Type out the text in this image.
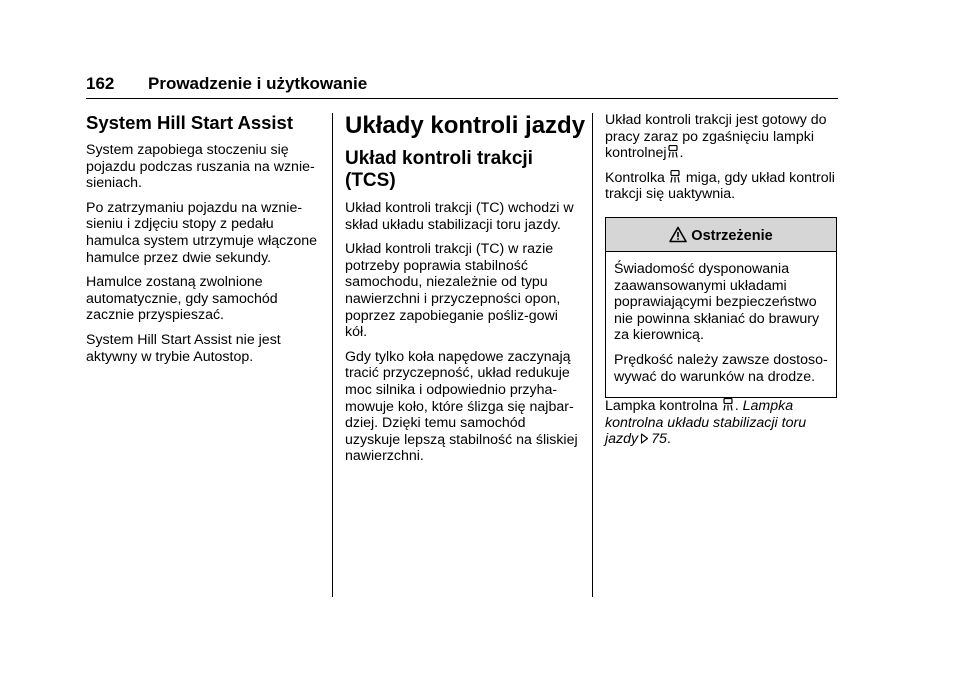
162 Prowadzenie i użytkowanie
System Hill Start Assist

System zapobiega stoczeniu się pojazdu podczas ruszania na wznie-sieniach.

Po zatrzymaniu pojazdu na wznie-sieniu i zdjęciu stopy z pedału hamulca system utrzymuje włączone hamulce przez dwie sekundy.

Hamulce zostaną zwolnione automatycznie, gdy samochód zacznie przyspieszać.

System Hill Start Assist nie jest aktywny w trybie Autostop.

Układy kontroli jazdy
Układ kontroli trakcji (TCS)

Układ kontroli trakcji (TC) wchodzi w skład układu stabilizacji toru jazdy.

Układ kontroli trakcji (TC) w razie potrzeby poprawia stabilność samochodu, niezależnie od typu nawierzchni i przyczepności opon, poprzez zapobieganie pośliz-gowi kół.

Gdy tylko koła napędowe zaczynają tracić przyczepność, układ redukuje moc silnika i odpowiednio przyha-mowuje koło, które ślizga się najbar-dziej. Dzięki temu samochód uzyskuje lepszą stabilność na śliskiej nawierzchni.

Układ kontroli trakcji jest gotowy do pracy zaraz po zgaśnięciu lampki kontrolnej .

Kontrolka miga, gdy układ kontroli trakcji się uaktywnia.

Ostrzeżenie

Świadomość dysponowania zaawansowanymi układami poprawiającymi bezpieczeństwo nie powinna skłaniać do brawury za kierownicą.

Prędkość należy zawsze dostoso-wywać do warunków na drodze.

Lampka kontrolna . Lampka kontrolna układu stabilizacji toru jazdy 75.
